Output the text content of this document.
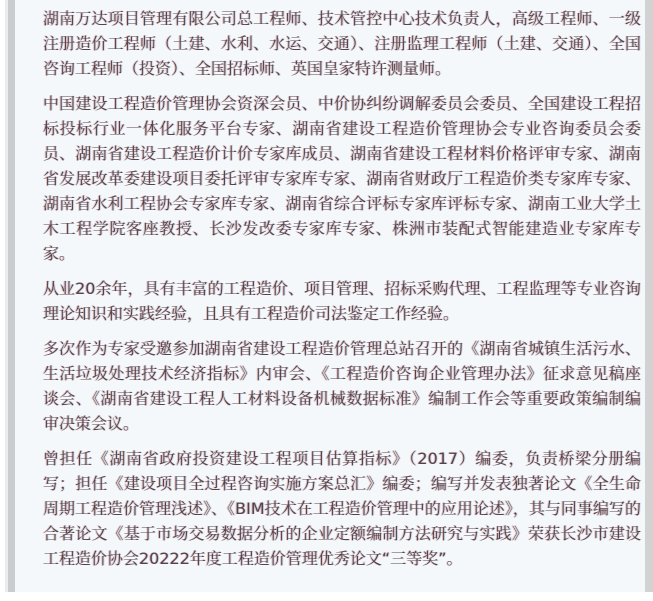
湖南万达项目管理有限公司总工程师、技术管控中心技术负责人，高级工程师、一级注册造价工程师（土建、水利、水运、交通）、注册监理工程师（土建、交通）、全国咨询工程师（投资）、全国招标师、英国皇家特许测量师。

中国建设工程造价管理协会资深会员、中价协纠纷调解委员会委员、全国建设工程招标投标行业一体化服务平台专家、湖南省建设工程造价管理协会专业咨询委员会委员、湖南省建设工程造价计价专家库成员、湖南省建设工程材料价格评审专家、湖南省发展改革委建设项目委托评审专家库专家、湖南省财政厅工程造价类专家库专家、湖南省水利工程协会专家库专家、湖南省综合评标专家库评标专家、湖南工业大学土木工程学院客座教授、长沙发改委专家库专家、株洲市装配式智能建造业专家库专家。

从业20余年，具有丰富的工程造价、项目管理、招标采购代理、工程监理等专业咨询理论知识和实践经验，且具有工程造价司法鉴定工作经验。

多次作为专家受邀参加湖南省建设工程造价管理总站召开的《湖南省城镇生活污水、生活垃圾处理技术经济指标》内审会、《工程造价咨询企业管理办法》征求意见稿座谈会、《湖南省建设工程人工材料设备机械数据标准》编制工作会等重要政策编制编审决策会议。

曾担任《湖南省政府投资建设工程项目估算指标》（2017）编委，负责桥梁分册编写；担任《建设项目全过程咨询实施方案总汇》编委；编写并发表独著论文《全生命周期工程造价管理浅述》、《BIM技术在工程造价管理中的应用论述》，其与同事编写的合著论文《基于市场交易数据分析的企业定额编制方法研究与实践》荣获长沙市建设工程造价协会20222年度工程造价管理优秀论文“三等奖”。
